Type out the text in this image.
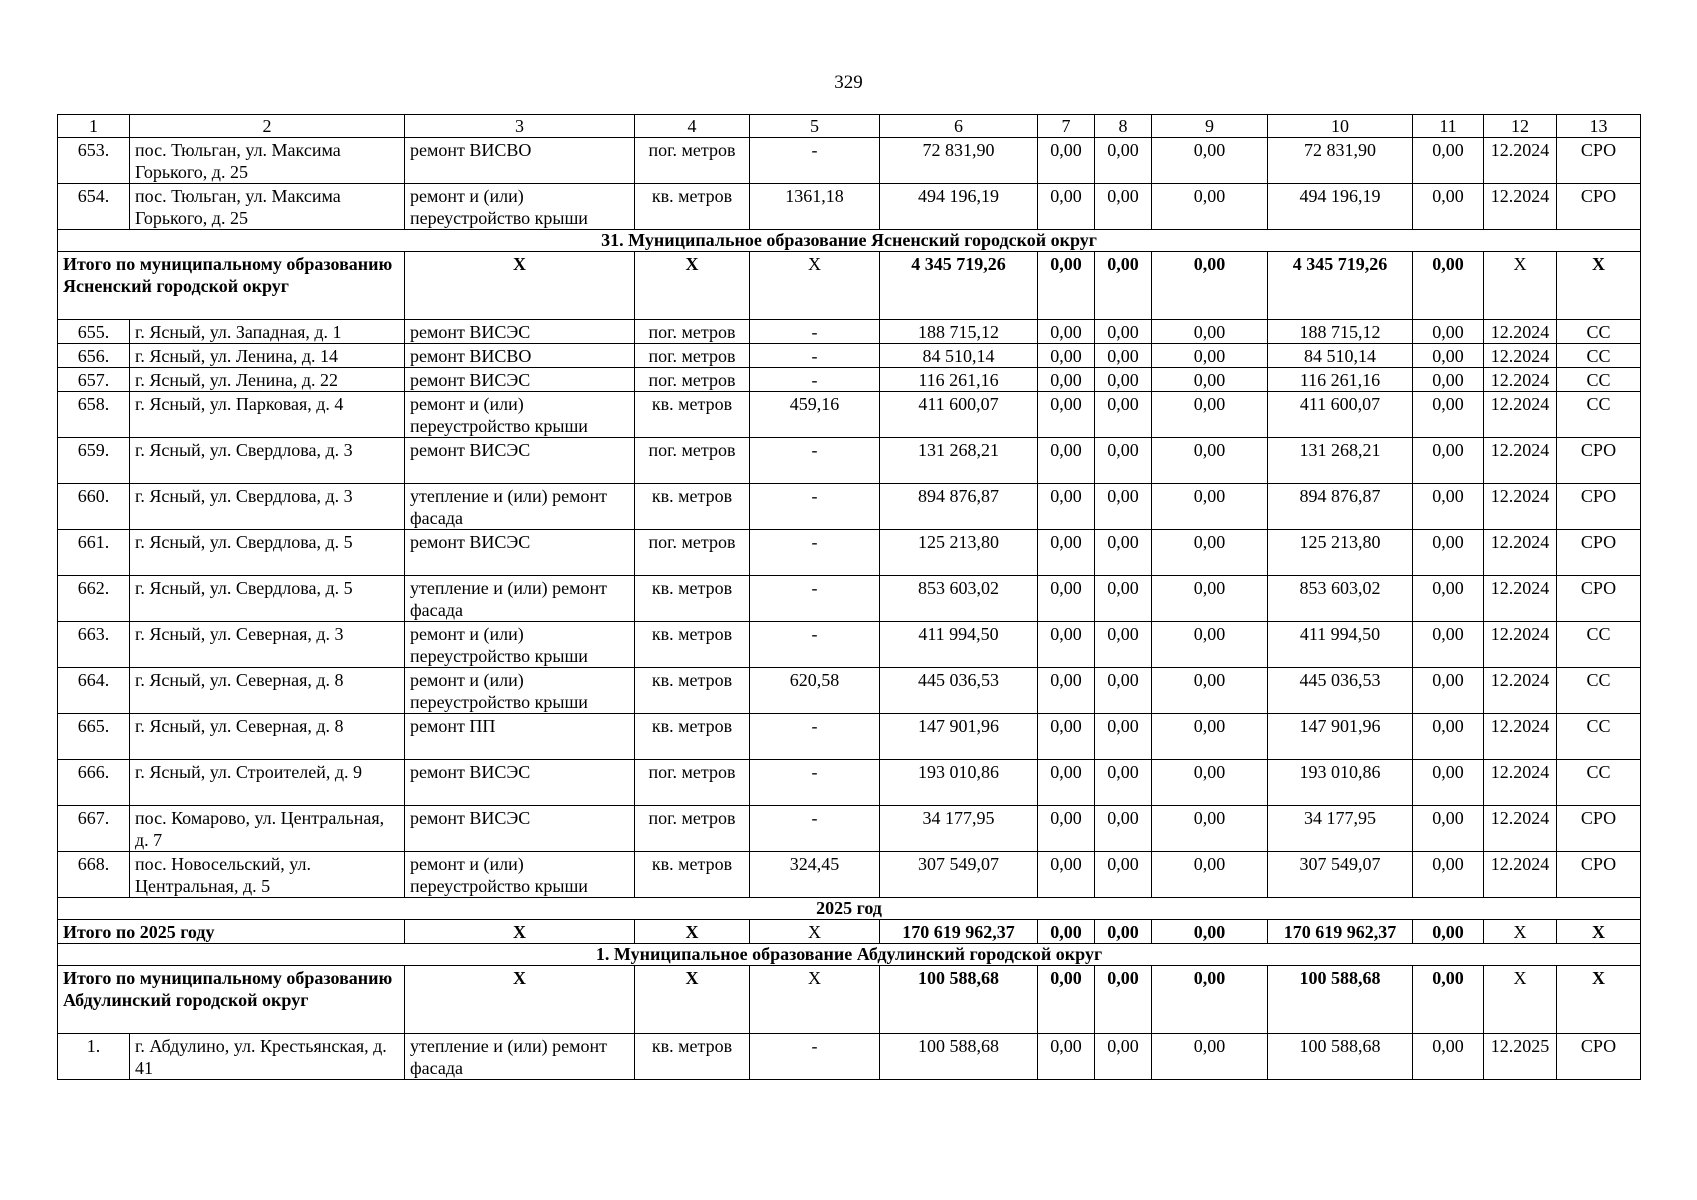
329
1	2	3	4	5	6	7	8	9	10	11	12	13
653.	пос. Тюльган, ул. Максима Горького, д. 25	ремонт ВИСВО	пог. метров	-	72 831,90	0,00	0,00	0,00	72 831,90	0,00	12.2024	СРО
654.	пос. Тюльган, ул. Максима Горького, д. 25	ремонт и (или) переустройство крыши	кв. метров	1361,18	494 196,19	0,00	0,00	0,00	494 196,19	0,00	12.2024	СРО
31. Муниципальное образование Ясненский городской округ												
Итого по муниципальному образованию Ясненский городской округ		X	X	X	4 345 719,26	0,00	0,00	0,00	4 345 719,26	0,00	X	X
655.	г. Ясный, ул. Западная, д. 1	ремонт ВИСЭС	пог. метров	-	188 715,12	0,00	0,00	0,00	188 715,12	0,00	12.2024	СС
656.	г. Ясный, ул. Ленина, д. 14	ремонт ВИСВО	пог. метров	-	84 510,14	0,00	0,00	0,00	84 510,14	0,00	12.2024	СС
657.	г. Ясный, ул. Ленина, д. 22	ремонт ВИСЭС	пог. метров	-	116 261,16	0,00	0,00	0,00	116 261,16	0,00	12.2024	СС
658.	г. Ясный, ул. Парковая, д. 4	ремонт и (или) переустройство крыши	кв. метров	459,16	411 600,07	0,00	0,00	0,00	411 600,07	0,00	12.2024	СС
659.	г. Ясный, ул. Свердлова, д. 3	ремонт ВИСЭС	пог. метров	-	131 268,21	0,00	0,00	0,00	131 268,21	0,00	12.2024	СРО
660.	г. Ясный, ул. Свердлова, д. 3	утепление и (или) ремонт фасада	кв. метров	-	894 876,87	0,00	0,00	0,00	894 876,87	0,00	12.2024	СРО
661.	г. Ясный, ул. Свердлова, д. 5	ремонт ВИСЭС	пог. метров	-	125 213,80	0,00	0,00	0,00	125 213,80	0,00	12.2024	СРО
662.	г. Ясный, ул. Свердлова, д. 5	утепление и (или) ремонт фасада	кв. метров	-	853 603,02	0,00	0,00	0,00	853 603,02	0,00	12.2024	СРО
663.	г. Ясный, ул. Северная, д. 3	ремонт и (или) переустройство крыши	кв. метров	-	411 994,50	0,00	0,00	0,00	411 994,50	0,00	12.2024	СС
664.	г. Ясный, ул. Северная, д. 8	ремонт и (или) переустройство крыши	кв. метров	620,58	445 036,53	0,00	0,00	0,00	445 036,53	0,00	12.2024	СС
665.	г. Ясный, ул. Северная, д. 8	ремонт ПП	кв. метров	-	147 901,96	0,00	0,00	0,00	147 901,96	0,00	12.2024	СС
666.	г. Ясный, ул. Строителей, д. 9	ремонт ВИСЭС	пог. метров	-	193 010,86	0,00	0,00	0,00	193 010,86	0,00	12.2024	СС
667.	пос. Комарово, ул. Центральная, д. 7	ремонт ВИСЭС	пог. метров	-	34 177,95	0,00	0,00	0,00	34 177,95	0,00	12.2024	СРО
668.	пос. Новосельский, ул. Центральная, д. 5	ремонт и (или) переустройство крыши	кв. метров	324,45	307 549,07	0,00	0,00	0,00	307 549,07	0,00	12.2024	СРО
2025 год												
Итого по 2025 году		X	X	X	170 619 962,37	0,00	0,00	0,00	170 619 962,37	0,00	X	X
1. Муниципальное образование Абдулинский городской округ												
Итого по муниципальному образованию Абдулинский городской округ		X	X	X	100 588,68	0,00	0,00	0,00	100 588,68	0,00	X	X
1.	г. Абдулино, ул. Крестьянская, д. 41	утепление и (или) ремонт фасада	кв. метров	-	100 588,68	0,00	0,00	0,00	100 588,68	0,00	12.2025	СРО
